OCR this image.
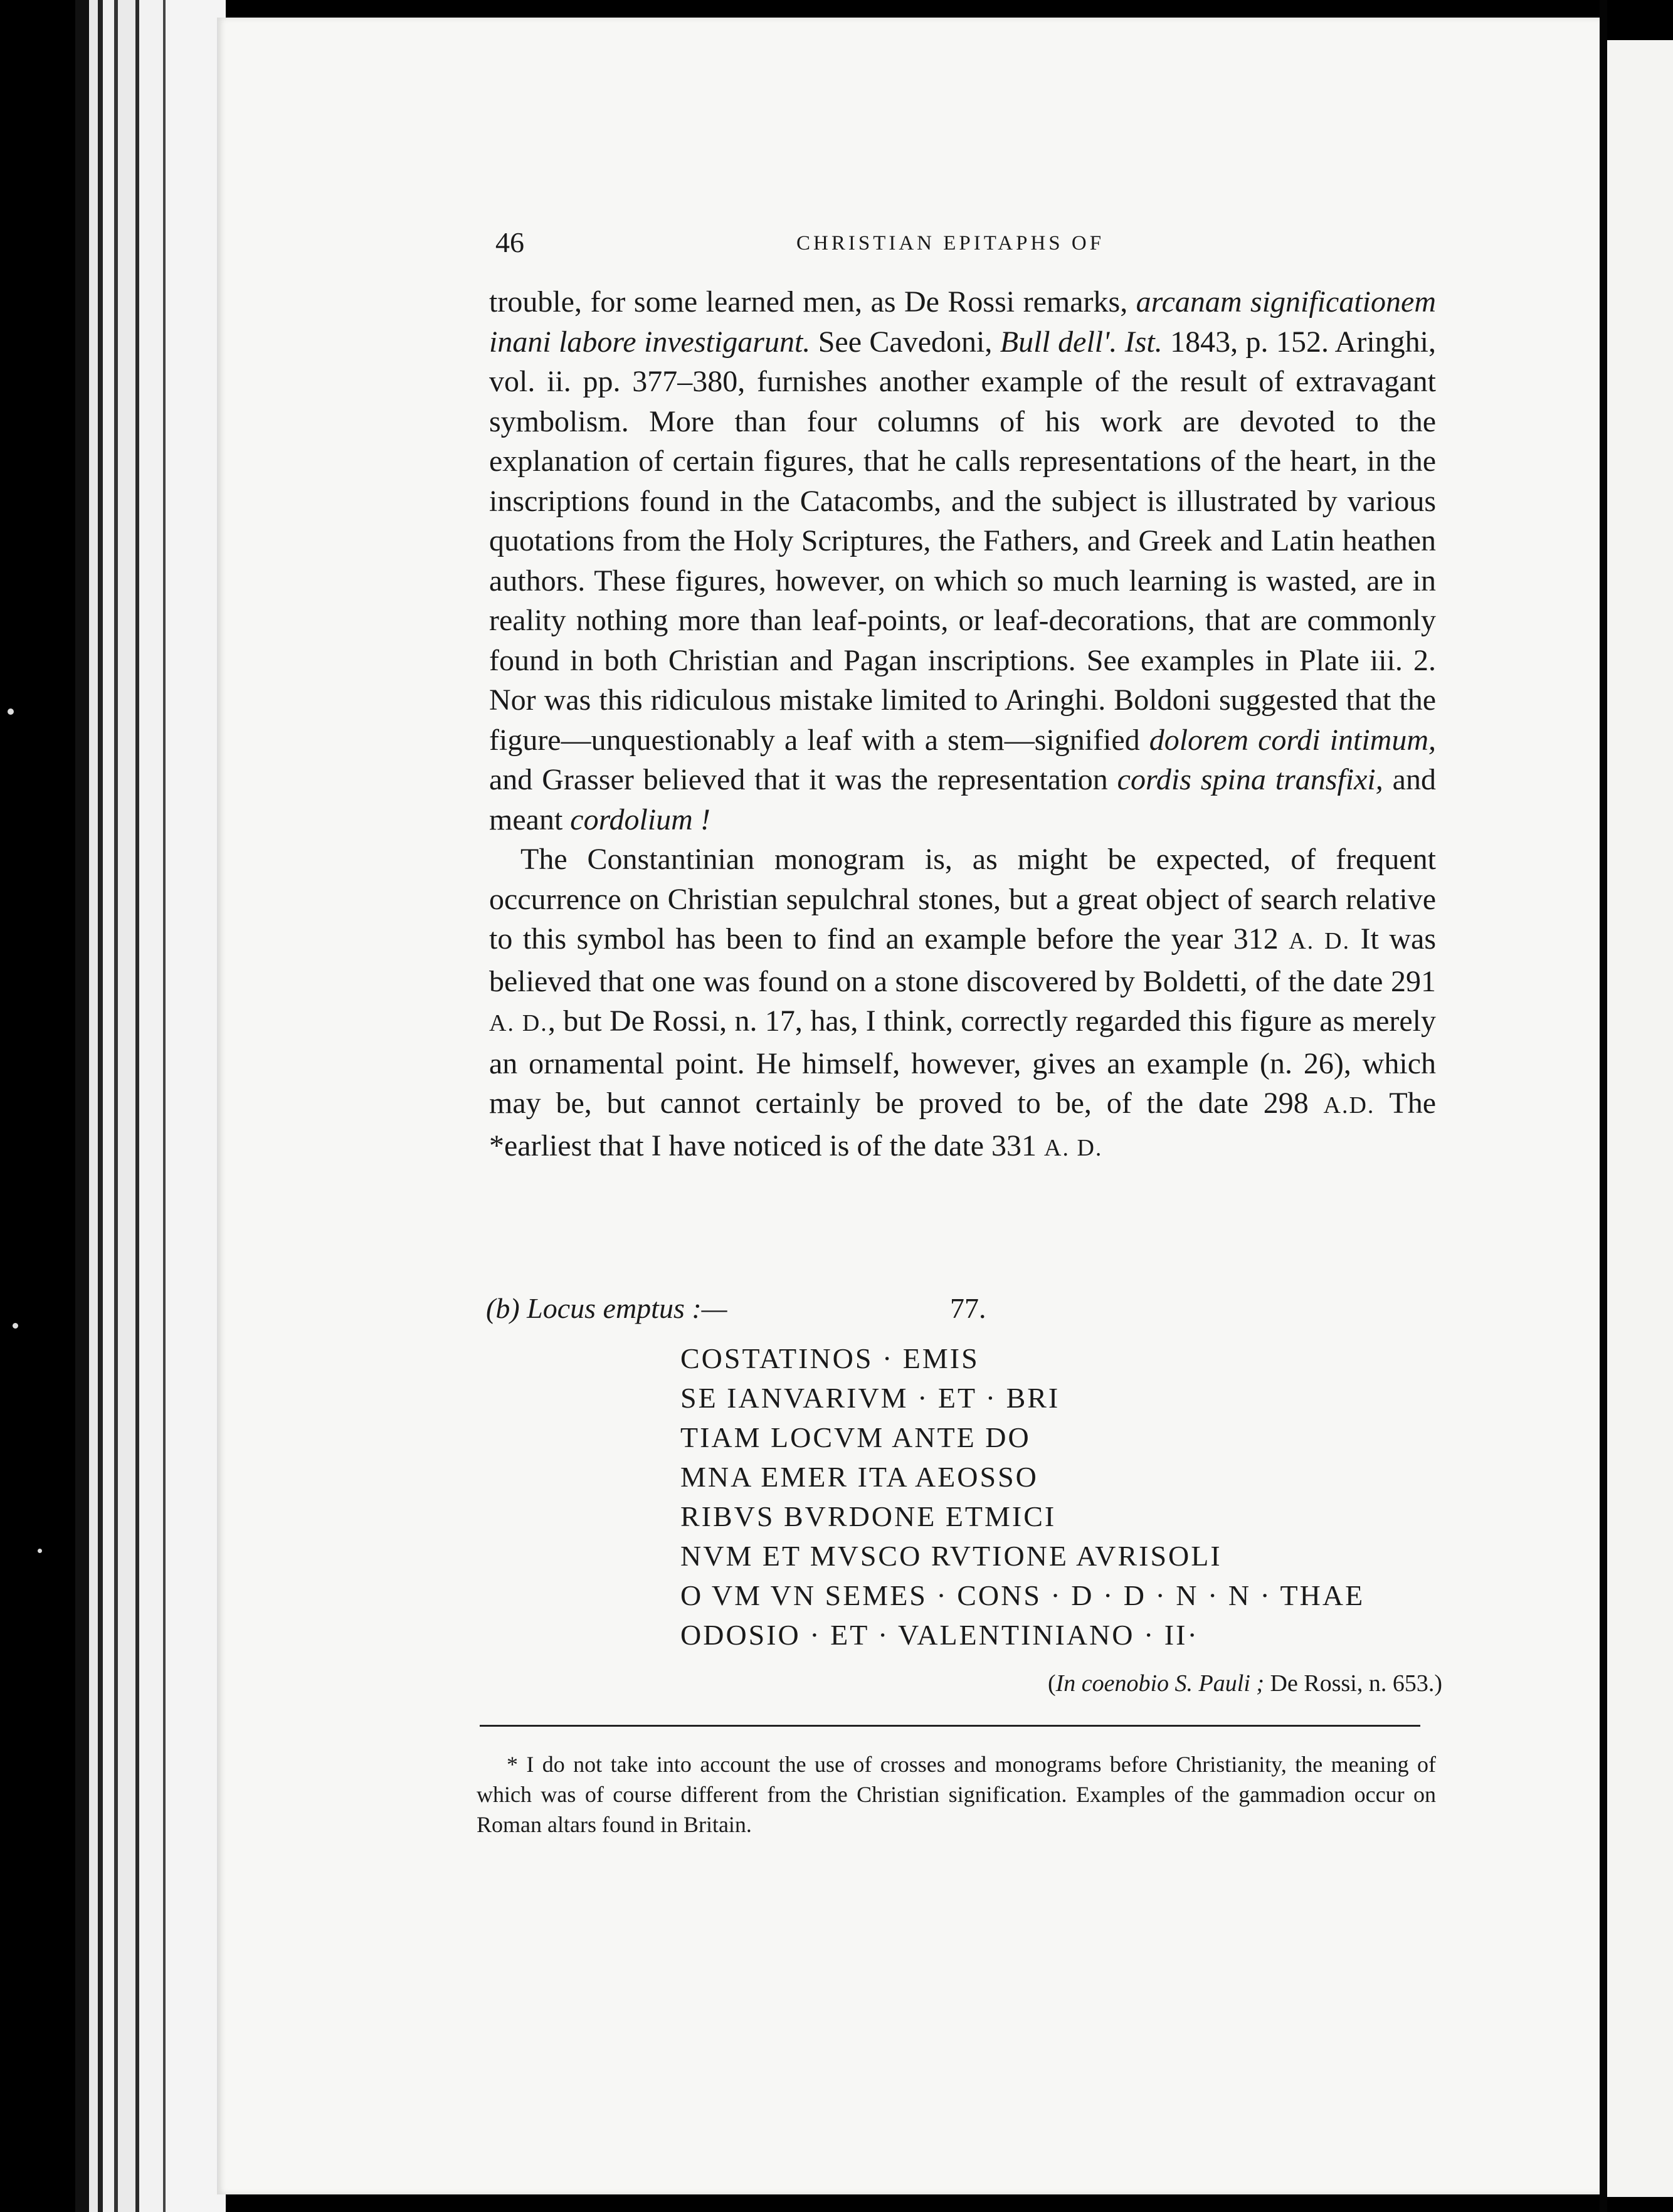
46	CHRISTIAN EPITAPHS OF

trouble, for some learned men, as De Rossi remarks, arcanam significationem inani labore investigarunt. See Cavedoni, Bull dell'. Ist. 1843, p. 152. Aringhi, vol. ii. pp. 377–380, furnishes another example of the result of extravagant symbolism. More than four columns of his work are devoted to the explanation of certain figures, that he calls representations of the heart, in the inscriptions found in the Catacombs, and the subject is illustrated by various quotations from the Holy Scriptures, the Fathers, and Greek and Latin heathen authors. These figures, however, on which so much learning is wasted, are in reality nothing more than leaf-points, or leaf-decorations, that are commonly found in both Christian and Pagan inscriptions. See examples in Plate iii. 2. Nor was this ridiculous mistake limited to Aringhi. Boldoni suggested that the figure—unquestionably a leaf with a stem—signified dolorem cordi intimum, and Grasser believed that it was the representation cordis spina transfixi, and meant cordolium !

The Constantinian monogram is, as might be expected, of frequent occurrence on Christian sepulchral stones, but a great object of search relative to this symbol has been to find an example before the year 312 A. D. It was believed that one was found on a stone discovered by Boldetti, of the date 291 A. D., but De Rossi, n. 17, has, I think, correctly regarded this figure as merely an ornamental point. He himself, however, gives an example (n. 26), which may be, but cannot certainly be proved to be, of the date 298 A.D. The *earliest that I have noticed is of the date 331 A. D.

(b) Locus emptus :—	77.
COSTATINOS · EMIS
SE IANVARIVM · ET · BRI
TIAM LOCVM ANTE DO
MNA EMER ITA AEOSSO
RIBVS BVRDONE ETMICI
NVM ET MVSCO RVTIONE AVRISOLI
O VM VN SEMES · CONS · D · D · N · N · THAE
ODOSIO · ET · VALENTINIANO · II·
(In coenobio S. Pauli ; De Rossi, n. 653.)
* I do not take into account the use of crosses and monograms before Christianity, the meaning of which was of course different from the Christian signification. Examples of the gammadion occur on Roman altars found in Britain.
